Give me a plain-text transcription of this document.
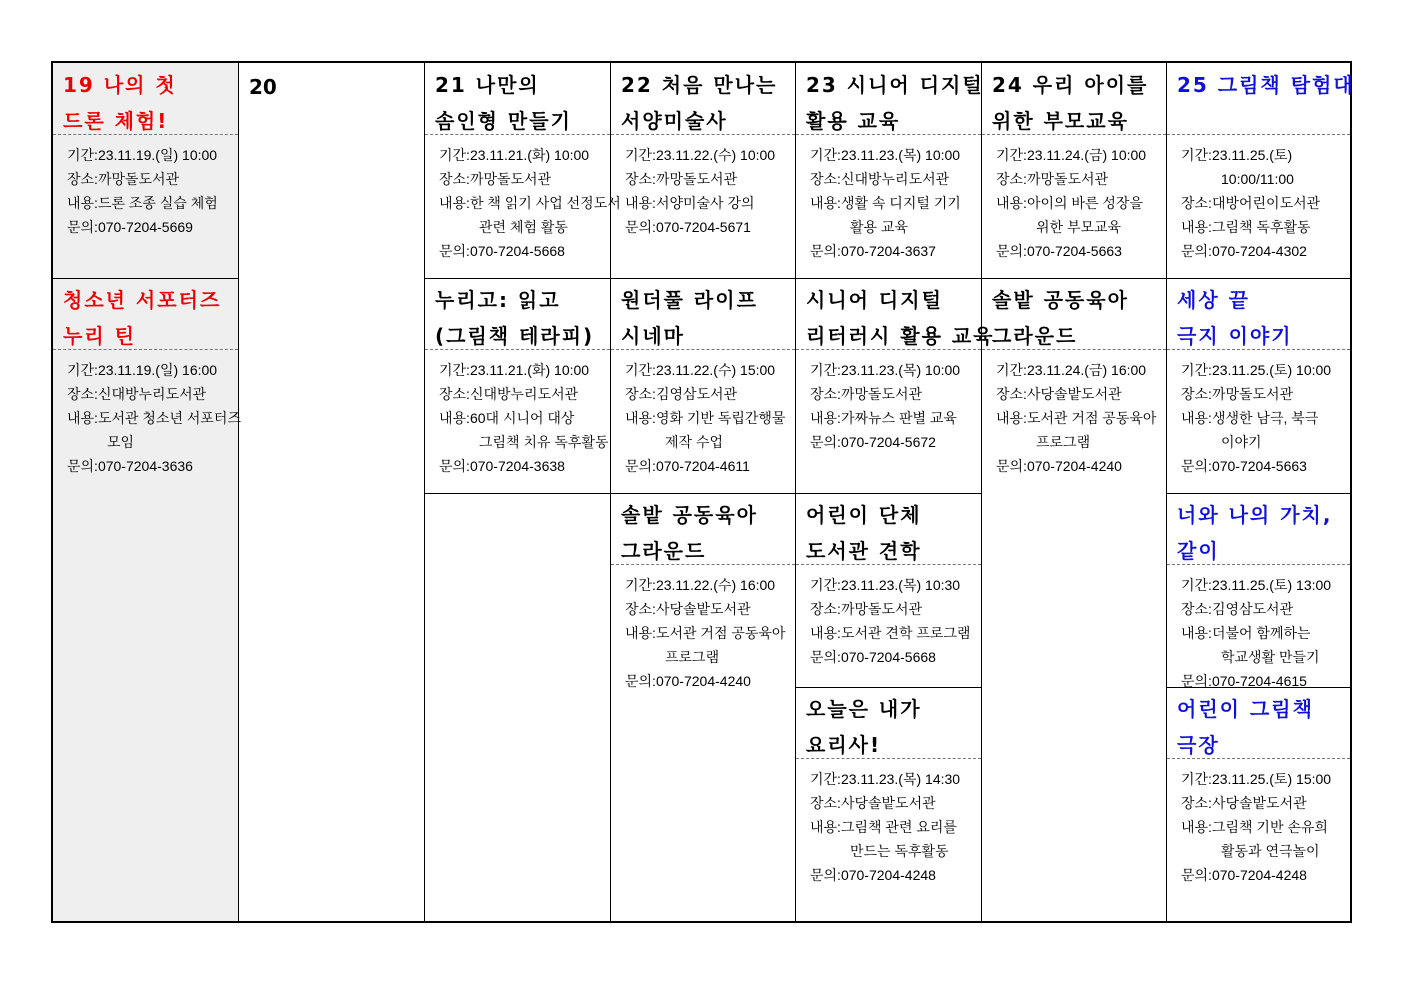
19 나의 첫
드론 체험!
기간: 23.11.19.(일) 10:00
장소: 까망돌도서관
내용: 드론 조종 실습 체험
문의: 070-7204-5669
청소년 서포터즈
누리 틴
기간: 23.11.19.(일) 16:00
장소: 신대방누리도서관
내용: 도서관 청소년 서포터즈
모임
문의: 070-7204-3636
20	21 나만의
솜인형 만들기
기간: 23.11.21.(화) 10:00
장소: 까망돌도서관
내용: 한 책 읽기 사업 선정도서
관련 체험 활동
문의: 070-7204-5668
누리고: 읽고
(그림책 테라피)
기간: 23.11.21.(화) 10:00
장소: 신대방누리도서관
내용: 60대 시니어 대상
그림책 치유 독후활동
문의: 070-7204-3638
22 처음 만나는
서양미술사
기간: 23.11.22.(수) 10:00
장소: 까망돌도서관
내용: 서양미술사 강의
문의: 070-7204-5671
원더풀 라이프
시네마
기간: 23.11.22.(수) 15:00
장소: 김영삼도서관
내용: 영화 기반 독립간행물
제작 수업
문의: 070-7204-4611
솔밭 공동육아
그라운드
기간: 23.11.22.(수) 16:00
장소: 사당솔밭도서관
내용: 도서관 거점 공동육아
프로그램
문의: 070-7204-4240
23 시니어 디지털
활용 교육
기간: 23.11.23.(목) 10:00
장소: 신대방누리도서관
내용: 생활 속 디지털 기기
활용 교육
문의: 070-7204-3637
시니어 디지털
리터러시 활용 교육
기간: 23.11.23.(목) 10:00
장소: 까망돌도서관
내용: 가짜뉴스 판별 교육
문의: 070-7204-5672
어린이 단체
도서관 견학
기간: 23.11.23.(목) 10:30
장소: 까망돌도서관
내용: 도서관 견학 프로그램
문의: 070-7204-5668
오늘은 내가
요리사!
기간: 23.11.23.(목) 14:30
장소: 사당솔밭도서관
내용: 그림책 관련 요리를
만드는 독후활동
문의: 070-7204-4248
24 우리 아이를
위한 부모교육
기간: 23.11.24.(금) 10:00
장소: 까망돌도서관
내용: 아이의 바른 성장을
위한 부모교육
문의: 070-7204-5663
솔밭 공동육아
그라운드
기간: 23.11.24.(금) 16:00
장소: 사당솔밭도서관
내용: 도서관 거점 공동육아
프로그램
문의: 070-7204-4240
25 그림책 탐험대
기간: 23.11.25.(토)
10:00/11:00
장소: 대방어린이도서관
내용: 그림책 독후활동
문의: 070-7204-4302
세상 끝
극지 이야기
기간: 23.11.25.(토) 10:00
장소: 까망돌도서관
내용: 생생한 남극, 북극
이야기
문의: 070-7204-5663
너와 나의 가치,
같이
기간: 23.11.25.(토) 13:00
장소: 김영삼도서관
내용: 더불어 함께하는
학교생활 만들기
문의: 070-7204-4615
어린이 그림책
극장
기간: 23.11.25.(토) 15:00
장소: 사당솔밭도서관
내용: 그림책 기반 손유희
활동과 연극놀이
문의: 070-7204-4248
